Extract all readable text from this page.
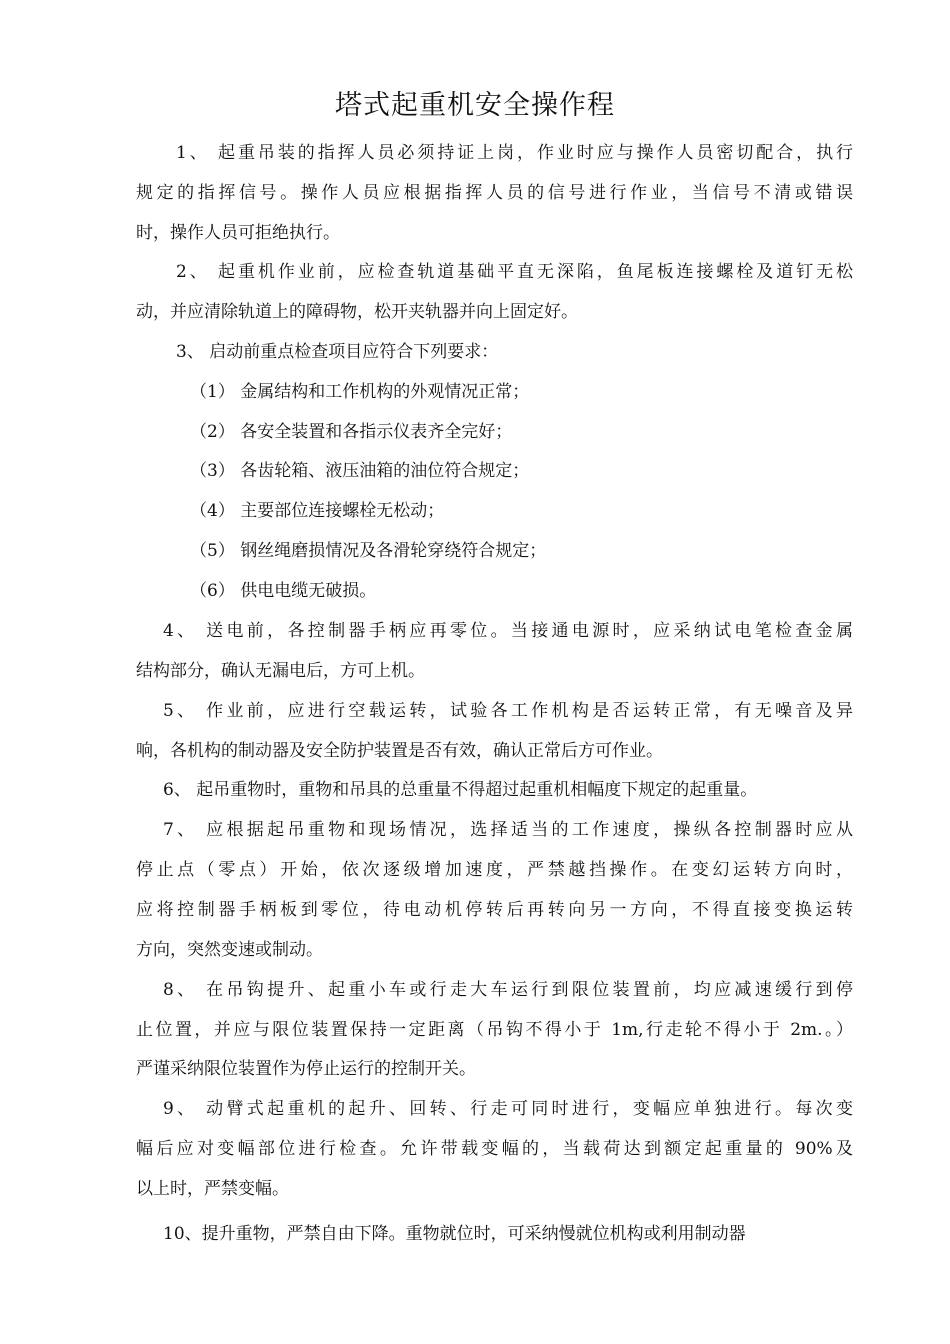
塔式起重机安全操作程
1、 起重吊装的指挥人员必须持证上岗，作业时应与操作人员密切配合，执行
规定的指挥信号。操作人员应根据指挥人员的信号进行作业，当信号不清或错误
时，操作人员可拒绝执行。
2、 起重机作业前，应检查轨道基础平直无深陷，鱼尾板连接螺栓及道钉无松
动，并应清除轨道上的障碍物，松开夹轨器并向上固定好。
3、 启动前重点检查项目应符合下列要求：
（1） 金属结构和工作机构的外观情况正常；
（2） 各安全装置和各指示仪表齐全完好；
（3） 各齿轮箱、液压油箱的油位符合规定；
（4） 主要部位连接螺栓无松动；
（5） 钢丝绳磨损情况及各滑轮穿绕符合规定；
（6） 供电电缆无破损。
4、 送电前，各控制器手柄应再零位。当接通电源时，应采纳试电笔检查金属
结构部分，确认无漏电后，方可上机。
5、 作业前，应进行空载运转，试验各工作机构是否运转正常，有无噪音及异
响，各机构的制动器及安全防护装置是否有效，确认正常后方可作业。
6、 起吊重物时，重物和吊具的总重量不得超过起重机相幅度下规定的起重量。
7、 应根据起吊重物和现场情况，选择适当的工作速度，操纵各控制器时应从
停止点（零点）开始，依次逐级增加速度，严禁越挡操作。在变幻运转方向时，
应将控制器手柄板到零位，待电动机停转后再转向另一方向，不得直接变换运转
方向，突然变速或制动。
8、 在吊钩提升、起重小车或行走大车运行到限位装置前，均应减速缓行到停
止位置，并应与限位装置保持一定距离（吊钩不得小于 1m,行走轮不得小于 2m.。）
严谨采纳限位装置作为停止运行的控制开关。
9、 动臂式起重机的起升、回转、行走可同时进行，变幅应单独进行。每次变
幅后应对变幅部位进行检查。允许带载变幅的，当载荷达到额定起重量的 90%及
以上时，严禁变幅。
10、提升重物，严禁自由下降。重物就位时，可采纳慢就位机构或利用制动器
